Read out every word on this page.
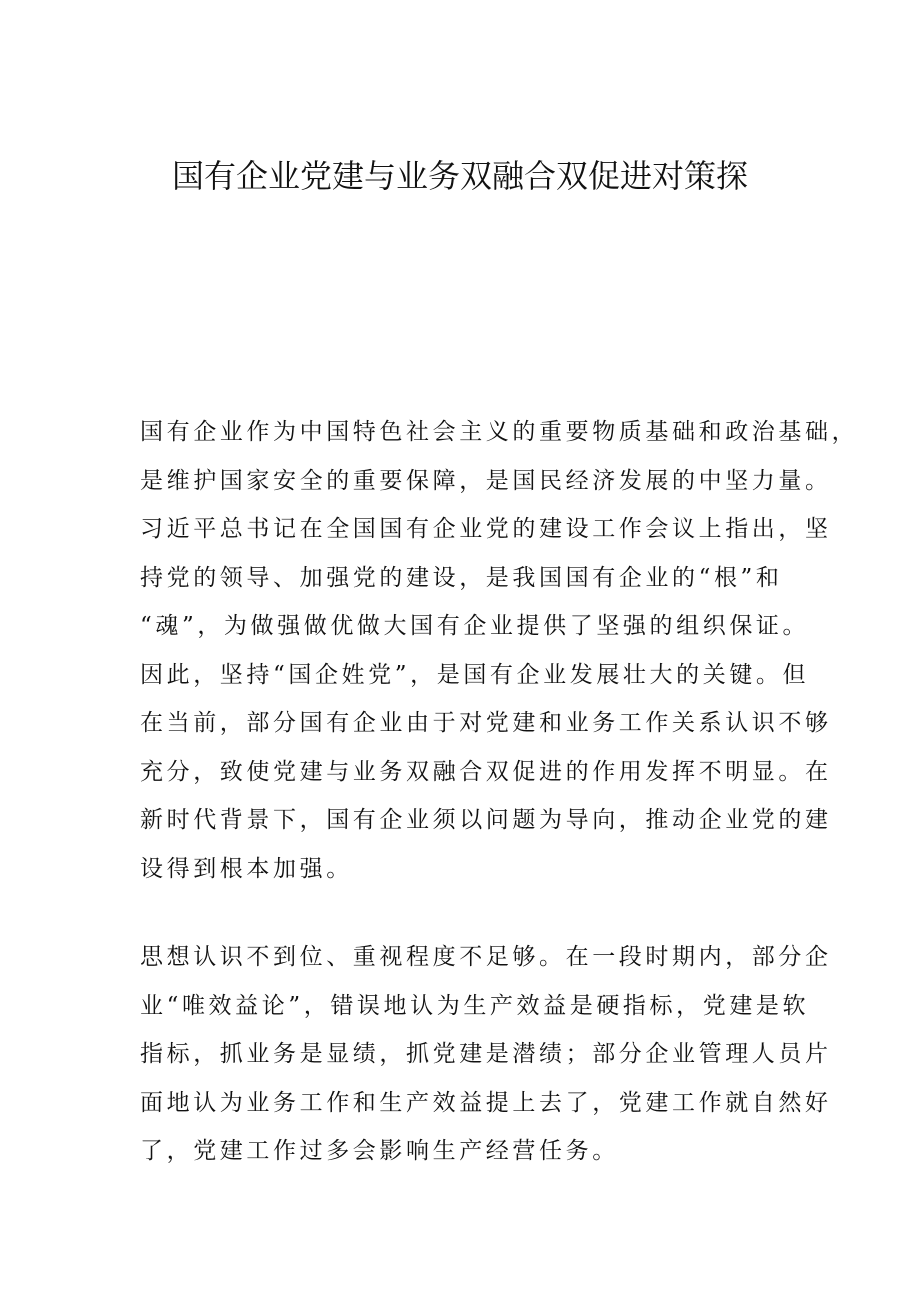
国有企业党建与业务双融合双促进对策探
国有企业作为中国特色社会主义的重要物质基础和政治基础，
是维护国家安全的重要保障，是国民经济发展的中坚力量。
习近平总书记在全国国有企业党的建设工作会议上指出，坚
持党的领导、加强党的建设，是我国国有企业的“根”和
“魂”，为做强做优做大国有企业提供了坚强的组织保证。
因此，坚持“国企姓党”，是国有企业发展壮大的关键。但
在当前，部分国有企业由于对党建和业务工作关系认识不够
充分，致使党建与业务双融合双促进的作用发挥不明显。在
新时代背景下，国有企业须以问题为导向，推动企业党的建
设得到根本加强。
思想认识不到位、重视程度不足够。在一段时期内，部分企
业“唯效益论”，错误地认为生产效益是硬指标，党建是软
指标，抓业务是显绩，抓党建是潜绩；部分企业管理人员片
面地认为业务工作和生产效益提上去了，党建工作就自然好
了，党建工作过多会影响生产经营任务。
